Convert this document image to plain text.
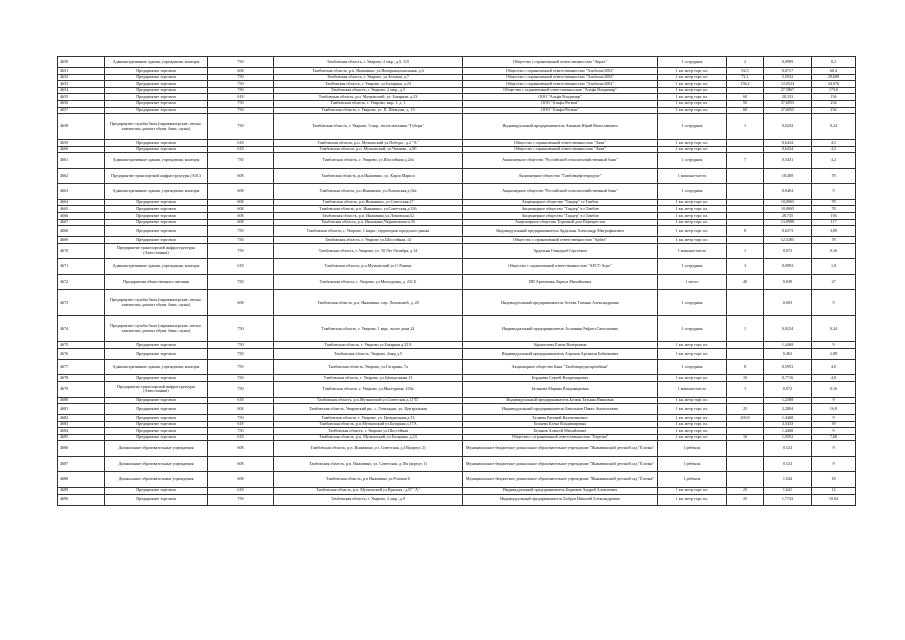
4650	Административные здания, учреждения, конторы	750	Тамбовская область, г. Уварово, 2 мкр., д.5, 115	Общество с ограниченной ответственностью "Аврал"	1 сотрудник	2	0,0989	8,2
4651	Предприятие торговли	608	Тамбовская область, р.п. Инжавино, ул.Интернациональная, д.4	Общество с ограниченной ответственностью "Альбион-2002"	1 кв. метр торг. пл.	92,5	0,0717	60,4
4652	Предприятие торговли	750	Тамбовская область, г. Уварово, ул.Зеленая, д.7	Общество с ограниченной ответственностью "Альбион-2002"	1 кв. метр торг. пл.	72,1	5,5032	29,608
4653	Предприятие торговли	750	Тамбовская область, г. Уварово, ул.Базарная, д.23	Общество с ограниченной ответственностью "Альбион-2002"	1 кв. метр торг. пл.	156,2	12,0524	34,976
4654	Предприятие торговли	750	Тамбовская область, г. Уварово, 2 мкр., д.5	Общество с ограниченной ответственностью "Альфа Владимир"	1 кв. метр торг. пл.		27,5867	173,6
4655	Предприятие торговли	618	Тамбовская область, р.п. Мучкапский, ул. Базарная, д.23	ООО "Альфа Владимир"	1 кв. метр торг. пл.	60	28,333	156
4656	Предприятие торговли	750	Тамбовская область, г. Уварово, мкр. 1, д. 1	ООО "Альфа-Регион"	1 кв. метр торг. пл.	50	37,6055	234
4657	Предприятие торговли	750	Тамбовская область, г. Уварово, ул. П. Шевцова, д. 19	ООО "Альфа-Регион"	1 кв. метр торг. пл.	60	37,6055	234
4658	Предприятие службы быта (парикмахерские, ателье, химчистки, ремонт обуви, бани, сауны)	750	Тамбовская область, г. Уварово, 3 мкр., возле магазина "Губерн"	Индивидуальный предприниматель Ананьев Юрий Вячеславович	1 сотрудник	1	0,0234	0,24
4659	Предприятие торговли	618	Тамбовская область, р.п. Мучкапский ул.Победы , д.2 "А"	Общество с ограниченной ответственностью "Аква"	1 кв. метр торг. пл.		0,6434	4,5
4660	Предприятие торговли	618	Тамбовская область, р.п. Мучкапский, ул.Чапаева , д.80	Общество с ограниченной ответственностью "Аква"	1 кв. метр торг. пл.		0,6434	4,5
4661	Административные здания, учреждения, конторы	750	Тамбовская область, г. Уварово, ул.Шоссейная д.24а	Акционерное общество "Российский сельскохозяйственный банк"	1 сотрудник	7	0,5441	4,2
4662	Предприятие транспортной инфраструктуры (АЗС)	608	Тамбовская область, р.п.Инжавино, ул. Карла Маркса	Акционерное общество "Тамбовнефтепродукт"	1 машино-место		18,408	78
4663	Административные здания, учреждения, конторы	608	Тамбовская область, р.п.Инжавино, ул.Ломовская д.54а	Акционерное общество "Российский сельскохозяйственный банк"	1 сотрудник		0,0404	9
4664	Предприятие торговли	608	Тамбовская область, р.п.Инжавино, ул.Советская,27	Акционерное общество "Тандер" г.г.Тамбов	1 кв. метр торг. пл.		10,0065	78
4665	Предприятие торговли	608	Тамбовская область, р.п. Инжавино, ул.Советская,д.33б	Акционерное общество "Тандер" в г.Тамбов	1 кв. метр торг. пл.		10,0065	78
4666	Предприятие торговли	608	Тамбовская область, р.п. Инжавино,ул.Ломовская,52	Акционерное общество "Тандер" в г.Тамбов	1 кв. метр торг. пл.		28,735	156
4667	Предприятие торговли	608	Тамбовская область, р.п. Инжавино,Черняховского,5б	Акционерное общество Торговый дом Перекресток	1 кв. метр торг. пл.		13,9998	117
4668	Предприятие торговли	750	Тамбовская область, г. Уварово, 1 мкрн., территория городского рынка	Индивидуальный предприниматель Ардальян Александр Митрофанович	1 кв. метр торг. пл.	8	0,6373	3,89
4669	Предприятие торговли	750	Тамбовская область, г. Уварово ул.Шоссейная, 14	Общество с ограниченной ответственностью "Арбат"	1 кв. метр торг. пл.		12,5285	78
4670	Предприятие транспортной инфраструктуры (Автостоянки)	750	Тамбовская область, г. Уварово, ул. 50 Лет Октября, д.14	Ардальян Геннадий Сергеевич	1 машино-место	1	0,072	0,16
4671	Административные здания, учреждения, конторы	618	Тамбовская область, р.п.Мучкапский ул.С-Разина	Общество с ограниченной ответственностью "АРСТ-Агро"	1 сотрудник	3	0,0893	1,8
4672	Предприятия общественного питания	750	Тамбовская область, г. Уварово, ул.Многурина, д. 231 Б	ИП Артеменко Лариса Михайловна	1 место	40	0,049	27
4673	Предприятие службы быта (парикмахерские, ателье, химчистки, ремонт обуви, бани, сауны)	608	Тамбовская область, р.п. Инжавино, пер. Ломовской, д. 20	Индивидуальный предприниматель Асеева Татьяна Александровна	1 сотрудник		0,603	9
4674	Предприятие службы быта (парикмахерские, ателье, химчистки, ремонт обуви, бани, сауны)	750	Тамбовская область, г. Уварово, 1 мкр., возле дома 24	Индивидуальный предприниматель Асланянц Рафаел Самсонович	1 сотрудник	1	0,0234	0,24
4675	Предприятие торговли	750	Тамбовская область, г. Уварово ул.Базарная д.23 Б	Афанасьева Елена Валерьевна	1 кв. метр торг. пл.		1,4468	9
4676	Предприятие торговли	750	Тамбовская область, Уварово, 2мкр д.5	Индивидуальный предприниматель Ахроков Артавази Бабкенович	1 кв. метр торг. пл.		0,463	2,88
4677	Административные здания, учреждения, конторы	750	Тамбовская область, Уварово, ул.Гагарина, 7а	Акционерное общество Банк "Тамбовкредитпромбанк"	1 сотрудник	8	0,5953	4,8
4678	Предприятие торговли	750	Тамбовская область, г. Уварово, ул.Центральная 13	Бердыева Сергей Владимирович	1 кв. метр торг. пл.	10	0,7716	4,8
4679	Предприятие транспортной инфраструктуры (Автостоянки)	750	Тамбовская область, г. Уварово, ул.Многурина, 103а	Белькова Марина Владимировна	1 машино-место	1	0,072	0,16
4680	Предприятие торговли	618	Тамбовская область, р.п.Мучкапский ул.Советская д.11"Б"	Индивидуальный предприниматель Белюн Татьяна Ивановна	1 кв. метр торг. пл.		1,2308	9
4681	Предприятие торговли	604	Тамбовская область, Уваровский рн., с. Глевлядки, ул. Центральная	Индивидуальный предприниматель Бекольков Павел Анатольевич	1 кв. метр торг. пл.	25	2,2804	16,8
4682	Предприятие торговли	750	Тамбовская область, г. Уварово, ул. Центральная,д.13	Беляева Евгений Валентинович	1 кв. метр торг. пл.	203,8	1,4468	9
4683	Предприятие торговли	618	Тамбовская область, р.п.Мучкапский ул.Базарная д.17А	Беляева Елена Владимировна	1 кв. метр торг. пл.		3,3333	39
4684	Предприятие торговли	750	Тамбовская область, г. Уварово ул.Шоссейная	Беляков Алексей Михайлович	1 кв. метр торг. пл.		1,4468	9
4685	Предприятие торговли	618	Тамбовская область, р.п. Мучкапский, ул.Базарная, д.23	Общество с ограниченной ответственностью "Березка"	1 кв. метр торг. пл.	16	1,0502	7,68
4686	Дошкольные образовательные учреждения	608	Тамбовская область, р.п. Инжавино, ул. Советская, д.18(корпус 2)	Муниципальное бюджетное дошкольное образовательное учреждение "Инжавинский детский сад "Ёлочка"	1 ребенок		0,523	9
4687	Дошкольные образовательные учреждения	608	Тамбовская область, р.п. Инжавино, ул. Советская, д.18а (корпус 1)	Муниципальное бюджетное дошкольное образовательное учреждение "Инжавинский детский сад "Ёлочка"	1 ребенок		0,523	9
4688	Дошкольные образовательные учреждения	608	Тамбовская область, р.п Инжавино ул.Розовая 6	Муниципальное бюджетное дошкольное образовательное учреждение "Инжавинский детский сад "Ёлочка"	1 ребенок		1,044	18
4689	Предприятие торговли	618	Тамбовская область, р.п. Мучкапский ул.Красная , д.87 "А"	Индивидуальный предприниматель Бирюков Андрей Алексеевич	1 кв. метр торг. пл.	25	1,641	12
4690	Предприятие торговли	750	Тамбовская область, г. Уварово, 2 мкр., д.9	Индивидуальный предприниматель Бобров Николай Александрович	1 кв. метр торг. пл.	25	1,7743	10,04
